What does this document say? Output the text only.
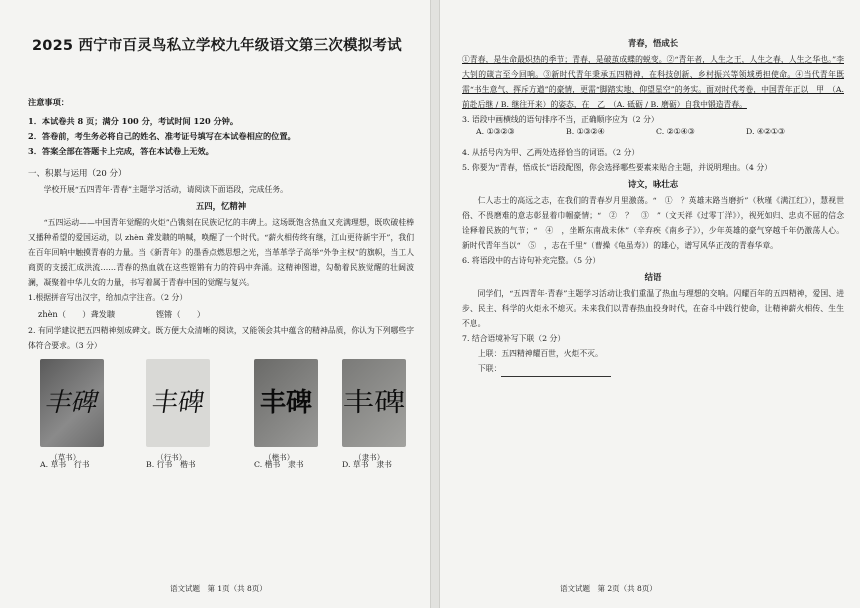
2025 西宁市百灵鸟私立学校九年级语文第三次模拟考试
注意事项：
1．本试卷共 8 页；满分 100 分，考试时间 120 分钟。
2．答卷前，考生务必将自己的姓名、准考证号填写在本试卷相应的位置。
3．答案全部在答题卡上完成，答在本试卷上无效。
一、积累与运用（20 分）
学校开展“五四青年·青春”主题学习活动，请阅读下面语段，完成任务。
五四，忆精神
“五四运动——中国青年觉醒的火炬”凸镌刻在民族记忆的丰碑上。这场既饱含热血又充满理想，既吹破桂棒又播种希望的爱国运动，以 zhèn 聋发聩的呐喊，唤醒了一个时代。“薪火相传终有继，江山更待新宇开”，我们在百年回响中触摸青春的力量。当《新青年》的墨香点燃思想之光，当革革学子高举“外争主权”的旗帜，当工人商贾的支援汇成洪流……青春的热血就在这些铿锵有力的符码中奔涌。这精神图谱，勾勒着民族觉醒的壮阔波澜，凝聚着中华儿女的力量，书写着属于青春中国的觉醒与复兴。
1.根据拼音写出汉字，给加点字注音。（2 分）
zhèn（　　）聋发聩　　　　　铿锵（　　）
2. 有同学建议把五四精神刻成碑文。既方便大众清晰的阅读，又能领会其中蕴含的精神品质，你认为下列哪些字体符合要求。（3 分）
丰碑 丰碑 丰碑 丰碑
（草书）	（行书）	（楷书）	（隶书）
A. 草书　行书	B. 行书　楷书	C. 楷书　隶书	D. 草书　隶书
语文试题　第 1页（共 8页）
青春，悟成长
①青春，是生命最炽热的季节；青春，是破茧成蝶的蜕变。②“青年者，人生之王，人生之春，人生之华也。”李大钊的箴言至今回响。③新时代青年秉承五四精神，在科技创新、乡村振兴等领域勇担使命。④当代青年既需“书生意气、挥斥方遒”的豪情，更需“脚踏实地、仰望星空”的务实。面对时代考卷，中国青年正以　甲　（A. 前赴后继 / B. 继往开来）的姿态，在　乙　（A. 砥砺 / B. 磨砺）自我中锻造青春。
3. 语段中画横线的语句排序不当，正确顺序应为（2 分）
A. ①③②③	B. ①③②④	C. ②①④③	D. ④②①③
4. 从括号内为甲、乙两处选择恰当的词语。（2 分）
5. 你要为“青春，悟成长”语段配图，你会选择哪些要素来贴合主题，并说明理由。（4 分）
诗文，咏壮志
仁人志士的高远之志，在我们的青春岁月里激荡。“　①　？英雄末路当磨折”（秋瑾《满江红》），慧视世俗、不畏磨难的意志彰显着巾帼豪情；“　②　？　③　”（文天祥《过零丁洋》），视死如归、忠贞不屈的信念诠释着民族的气节；“　④　，坐断东南战未休”（辛弃疾《南乡子》），少年英雄的豪气穿越千年仍激荡人心。新时代青年当以“　⑤　，志在千里”（曹操《龟虽寿》）的雄心，谱写风华正茂的青春华章。
6. 将语段中的古诗句补充完整。（5 分）
结语
同学们，“五四青年·青春”主题学习活动让我们重温了热血与理想的交响。闪耀百年的五四精神，爱国、进步、民主、科学的火炬永不熄灭。未来我们以青春热血投身时代，在奋斗中践行使命，让精神薪火相传、生生不息。
7. 结合语境补写下联（2 分）
上联：五四精神耀百世，火炬不灭。
下联：
语文试题　第 2页（共 8页）
